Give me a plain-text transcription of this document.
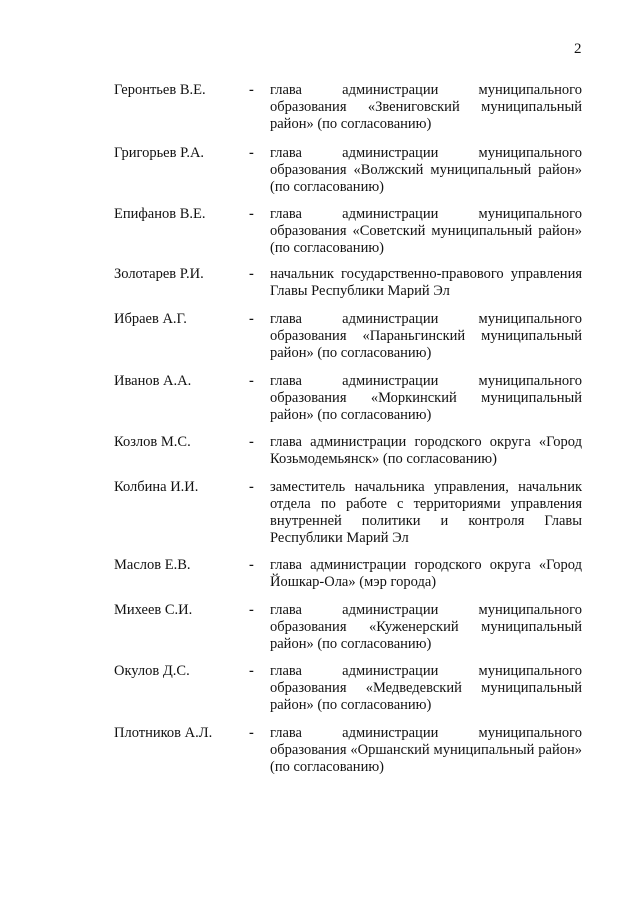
2
Геронтьев В.Е.	- глава администрации муниципального образования «Звениговский муниципальный район» (по согласованию)
Григорьев Р.А.	- глава администрации муниципального образования «Волжский муниципальный район» (по согласованию)
Епифанов В.Е.	- глава администрации муниципального образования «Советский муниципальный район» (по согласованию)
Золотарев Р.И.	- начальник государственно-правового управления Главы Республики Марий Эл
Ибраев А.Г.	- глава администрации муниципального образования «Параньгинский муниципальный район» (по согласованию)
Иванов А.А.	- глава администрации муниципального образования «Моркинский муниципальный район» (по согласованию)
Козлов М.С.	- глава администрации городского округа «Город Козьмодемьянск» (по согласованию)
Колбина И.И.	- заместитель начальника управления, начальник отдела по работе с территориями управления внутренней политики и контроля Главы Республики Марий Эл
Маслов Е.В.	- глава администрации городского округа «Город Йошкар-Ола» (мэр города)
Михеев С.И.	- глава администрации муниципального образования «Куженерский муниципальный район» (по согласованию)
Окулов Д.С.	- глава администрации муниципального образования «Медведевский муниципальный район» (по согласованию)
Плотников А.Л.	- глава администрации муниципального образования «Оршанский муниципальный район» (по согласованию)
